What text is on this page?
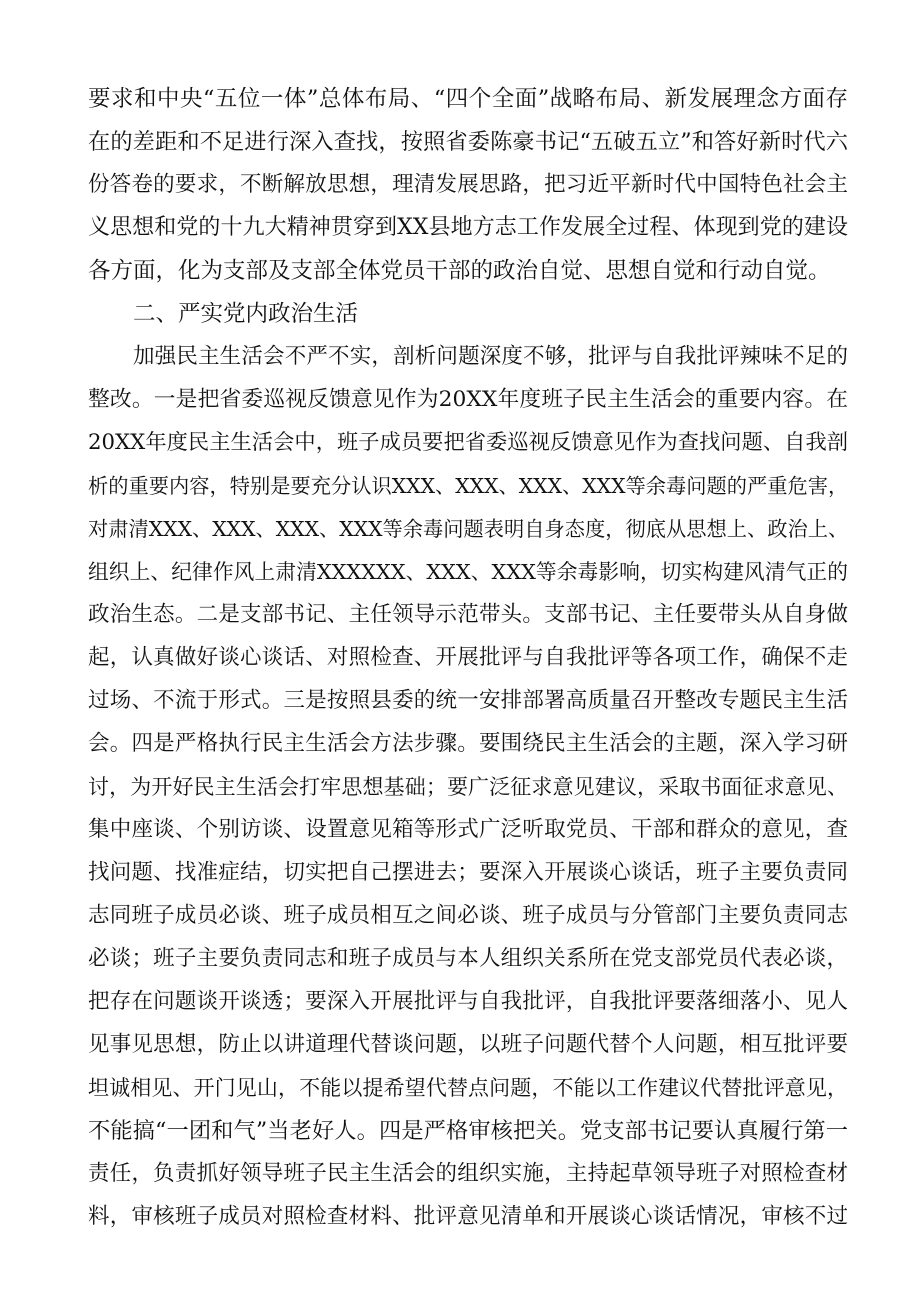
要求和中央“五位一体”总体布局、“四个全面”战略布局、新发展理念方面存
在的差距和不足进行深入查找，按照省委陈豪书记“五破五立”和答好新时代六
份答卷的要求，不断解放思想，理清发展思路，把习近平新时代中国特色社会主
义思想和党的十九大精神贯穿到XX县地方志工作发展全过程、体现到党的建设
各方面，化为支部及支部全体党员干部的政治自觉、思想自觉和行动自觉。
二、严实党内政治生活
加强民主生活会不严不实，剖析问题深度不够，批评与自我批评辣味不足的
整改。一是把省委巡视反馈意见作为20XX年度班子民主生活会的重要内容。在
20XX年度民主生活会中，班子成员要把省委巡视反馈意见作为查找问题、自我剖
析的重要内容，特别是要充分认识XXX、XXX、XXX、XXX等余毒问题的严重危害，
对肃清XXX、XXX、XXX、XXX等余毒问题表明自身态度，彻底从思想上、政治上、
组织上、纪律作风上肃清XXXXXX、XXX、XXX等余毒影响，切实构建风清气正的
政治生态。二是支部书记、主任领导示范带头。支部书记、主任要带头从自身做
起，认真做好谈心谈话、对照检查、开展批评与自我批评等各项工作，确保不走
过场、不流于形式。三是按照县委的统一安排部署高质量召开整改专题民主生活
会。四是严格执行民主生活会方法步骤。要围绕民主生活会的主题，深入学习研
讨，为开好民主生活会打牢思想基础；要广泛征求意见建议，采取书面征求意见、
集中座谈、个别访谈、设置意见箱等形式广泛听取党员、干部和群众的意见，查
找问题、找准症结，切实把自己摆进去；要深入开展谈心谈话，班子主要负责同
志同班子成员必谈、班子成员相互之间必谈、班子成员与分管部门主要负责同志
必谈；班子主要负责同志和班子成员与本人组织关系所在党支部党员代表必谈，
把存在问题谈开谈透；要深入开展批评与自我批评，自我批评要落细落小、见人
见事见思想，防止以讲道理代替谈问题，以班子问题代替个人问题，相互批评要
坦诚相见、开门见山，不能以提希望代替点问题，不能以工作建议代替批评意见，
不能搞“一团和气”当老好人。四是严格审核把关。党支部书记要认真履行第一
责任，负责抓好领导班子民主生活会的组织实施，主持起草领导班子对照检查材
料，审核班子成员对照检查材料、批评意见清单和开展谈心谈话情况，审核不过
